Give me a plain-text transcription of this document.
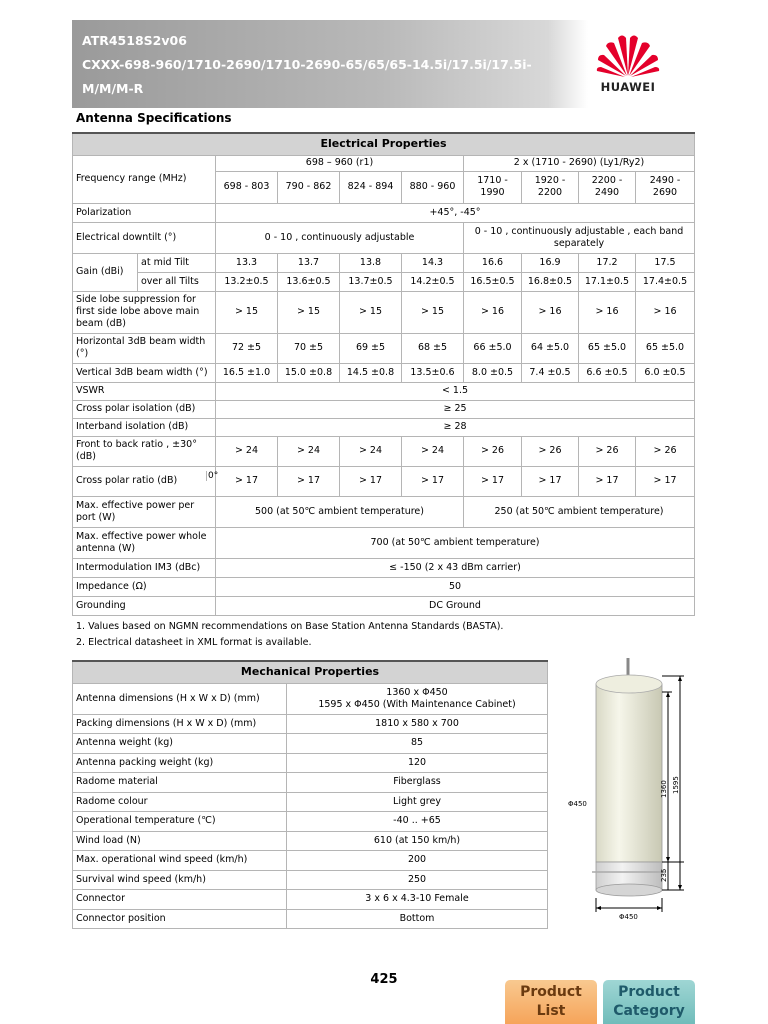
ATR4518S2v06
CXXX-698-960/1710-2690/1710-2690-65/65/65-14.5i/17.5i/17.5i-
M/M/M-R	HUAWEI
Antenna Specifications
Electrical Properties									
Frequency range (MHz)		698 – 960 (r1)				2 x (1710 - 2690) (Ly1/Ry2)			
		698 - 803	790 - 862	824 - 894	880 - 960	1710 - 1990	1920 - 2200	2200 - 2490	2490 - 2690
Polarization		+45°, -45°							
Electrical downtilt (°)		0 - 10 , continuously adjustable				0 - 10 , continuously adjustable , each band separately			
Gain (dBi)	at mid Tilt	13.3	13.7	13.8	14.3	16.6	16.9	17.2	17.5
	over all Tilts	13.2±0.5	13.6±0.5	13.7±0.5	14.2±0.5	16.5±0.5	16.8±0.5	17.1±0.5	17.4±0.5
Side lobe suppression for first side lobe above main beam (dB)		> 15	> 15	> 15	> 15	> 16	> 16	> 16	> 16
Horizontal 3dB beam width (°)		72 ±5	70 ±5	69 ±5	68 ±5	66 ±5.0	64 ±5.0	65 ±5.0	65 ±5.0
Vertical 3dB beam width (°)		16.5 ±1.0	15.0 ±0.8	14.5 ±0.8	13.5±0.6	8.0 ±0.5	7.4 ±0.5	6.6 ±0.5	6.0 ±0.5
VSWR		< 1.5							
Cross polar isolation (dB)		≥ 25							
Interband isolation (dB)		≥ 28							
Front to back ratio , ±30° (dB)		> 24	> 24	> 24	> 24	> 26	> 26	> 26	> 26
Cross polar ratio (dB) 0°		> 17	> 17	> 17	> 17	> 17	> 17	> 17	> 17
Max. effective power per port (W)		500 (at 50℃ ambient temperature)				250 (at 50℃ ambient temperature)			
Max. effective power whole antenna (W)		700 (at 50℃ ambient temperature)							
Intermodulation IM3 (dBc)		≤ -150 (2 x 43 dBm carrier)							
Impedance (Ω)		50							
Grounding		DC Ground							
1. Values based on NGMN recommendations on Base Station Antenna Standards (BASTA).
2. Electrical datasheet in XML format is available.
Mechanical Properties	
Antenna dimensions (H x W x D) (mm)	1360 x Φ450
1595 x Φ450 (With Maintenance Cabinet)

Packing dimensions (H x W x D) (mm)	1810 x 580 x 700
Antenna weight (kg)	85
Antenna packing weight (kg)	120
Radome material	Fiberglass
Radome colour	Light grey
Operational temperature (℃)	-40 .. +65
Wind load (N)	610 (at 150 km/h)
Max. operational wind speed (km/h)	200
Survival wind speed (km/h)	250
Connector	3 x 6 x 4.3-10 Female
Connector position	Bottom
Φ450
1360 1595
235
Φ450
425
Product List
Product Category
